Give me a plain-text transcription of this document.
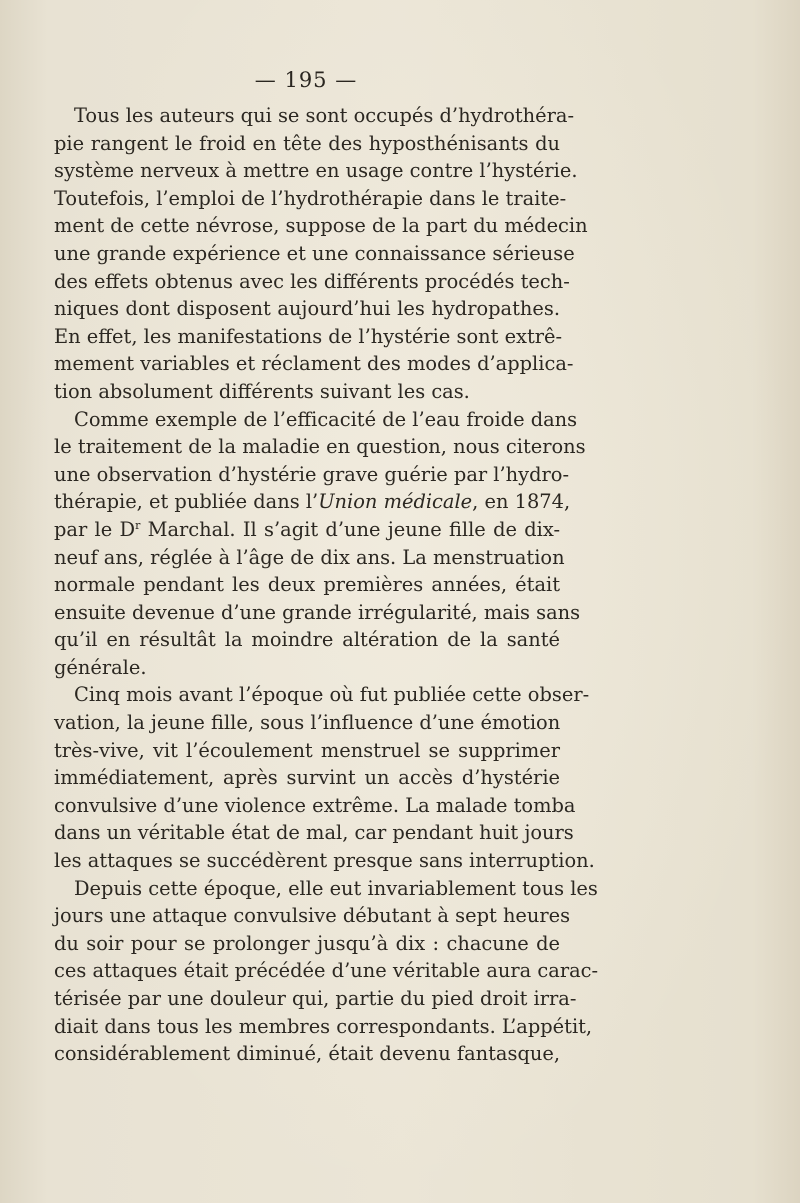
— 195 —
Tous les auteurs qui se sont occupés d’hydrothéra-
pie rangent le froid en tête des hyposthénisants du
système nerveux à mettre en usage contre l’hystérie.
Toutefois, l’emploi de l’hydrothérapie dans le traite-
ment de cette névrose, suppose de la part du médecin
une grande expérience et une connaissance sérieuse
des effets obtenus avec les différents procédés tech-
niques dont disposent aujourd’hui les hydropathes.
En effet, les manifestations de l’hystérie sont extrê-
mement variables et réclament des modes d’applica-
tion absolument différents suivant les cas.
Comme exemple de l’efficacité de l’eau froide dans
le traitement de la maladie en question, nous citerons
une observation d’hystérie grave guérie par l’hydro-
thérapie, et publiée dans l’Union médicale, en 1874,
par le $D^r$ Marchal. Il s’agit d’une jeune fille de dix-
neuf ans, réglée à l’âge de dix ans. La menstruation
normale pendant les deux premières années, était
ensuite devenue d’une grande irrégularité, mais sans
qu’il en résultât la moindre altération de la santé
générale.
Cinq mois avant l’époque où fut publiée cette obser-
vation, la jeune fille, sous l’influence d’une émotion
très-vive, vit l’écoulement menstruel se supprimer
immédiatement, après survint un accès d’hystérie
convulsive d’une violence extrême. La malade tomba
dans un véritable état de mal, car pendant huit jours
les attaques se succédèrent presque sans interruption.
Depuis cette époque, elle eut invariablement tous les
jours une attaque convulsive débutant à sept heures
du soir pour se prolonger jusqu’à dix : chacune de
ces attaques était précédée d’une véritable aura carac-
térisée par une douleur qui, partie du pied droit irra-
diait dans tous les membres correspondants. L’appétit,
considérablement diminué, était devenu fantasque,
